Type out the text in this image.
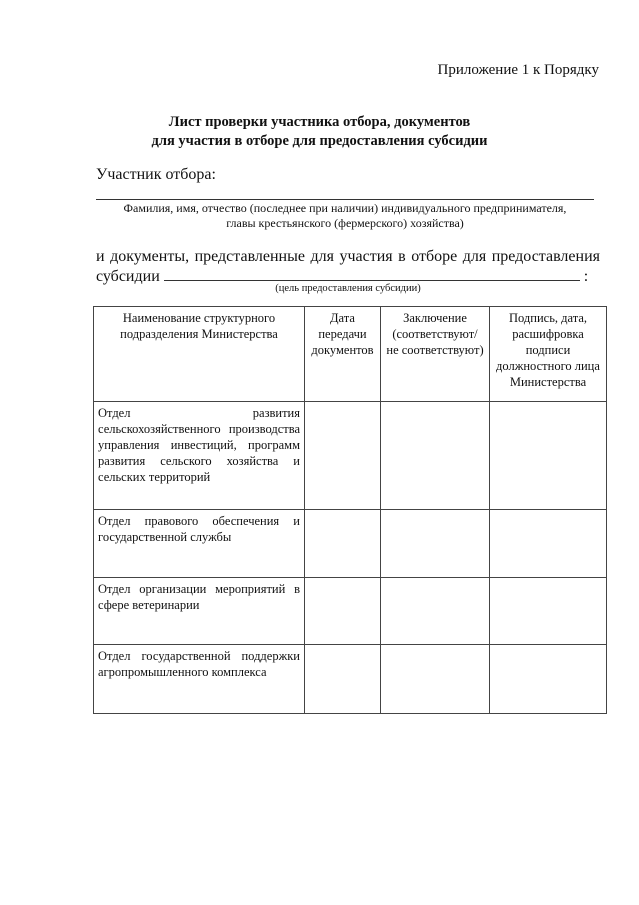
Приложение 1 к Порядку
Лист проверки участника отбора, документов
для участия в отборе для предоставления субсидии
Участник отбора:
Фамилия, имя, отчество (последнее при наличии) индивидуального предпринимателя,
главы крестьянского (фермерского) хозяйства)
и документы, представленные для участия в отборе для предоставления
субсидии	:
(цель предоставления субсидии)
Наименование структурного подразделения Министерства	Дата передачи документов	Заключение (соответствуют/ не соответствуют)	Подпись, дата, расшифровка подписи должностного лица Министерства
Отдел развития сельскохозяйственного производства управления инвестиций, программ развития сельского хозяйства и сельских территорий			
Отдел правового обеспечения и государственной службы			
Отдел организации мероприятий в сфере ветеринарии			
Отдел государственной поддержки агропромышленного комплекса			
